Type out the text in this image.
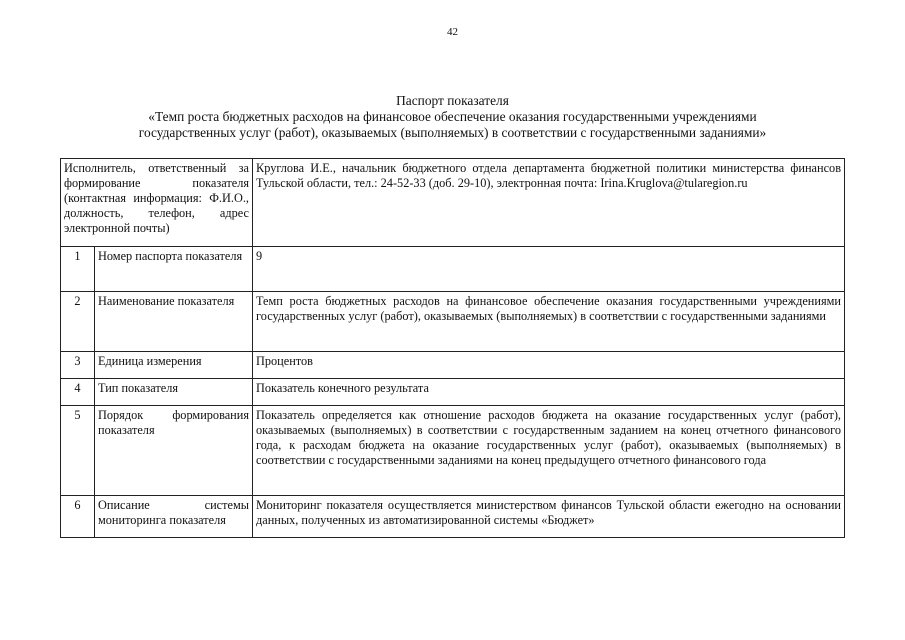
42
Паспорт показателя
«Темп роста бюджетных расходов на финансовое обеспечение оказания государственными учреждениями
государственных услуг (работ), оказываемых (выполняемых) в соответствии с государственными заданиями»
Исполнитель, ответственный за формирование показателя (контактная информация: Ф.И.О., должность, телефон, адрес электронной почты)		Круглова И.Е., начальник бюджетного отдела департамента бюджетной политики министерства финансов Тульской области, тел.: 24-52-33 (доб. 29-10), электронная почта: Irina.Kruglova@tularegion.ru
1	Номер паспорта показателя	9
2	Наименование показателя	Темп роста бюджетных расходов на финансовое обеспечение оказания государственными учреждениями государственных услуг (работ), оказываемых (выполняемых) в соответствии с государственными заданиями
3	Единица измерения	Процентов
4	Тип показателя	Показатель конечного результата
5	Порядок формирования показателя	Показатель определяется как отношение расходов бюджета на оказание государственных услуг (работ), оказываемых (выполняемых) в соответствии с государственным заданием на конец отчетного финансового года, к расходам бюджета на оказание государственных услуг (работ), оказываемых (выполняемых) в соответствии с государственными заданиями на конец предыдущего отчетного финансового года
6	Описание системы мониторинга показателя	Мониторинг показателя осуществляется министерством финансов Тульской области ежегодно на основании данных, полученных из автоматизированной системы «Бюджет»
